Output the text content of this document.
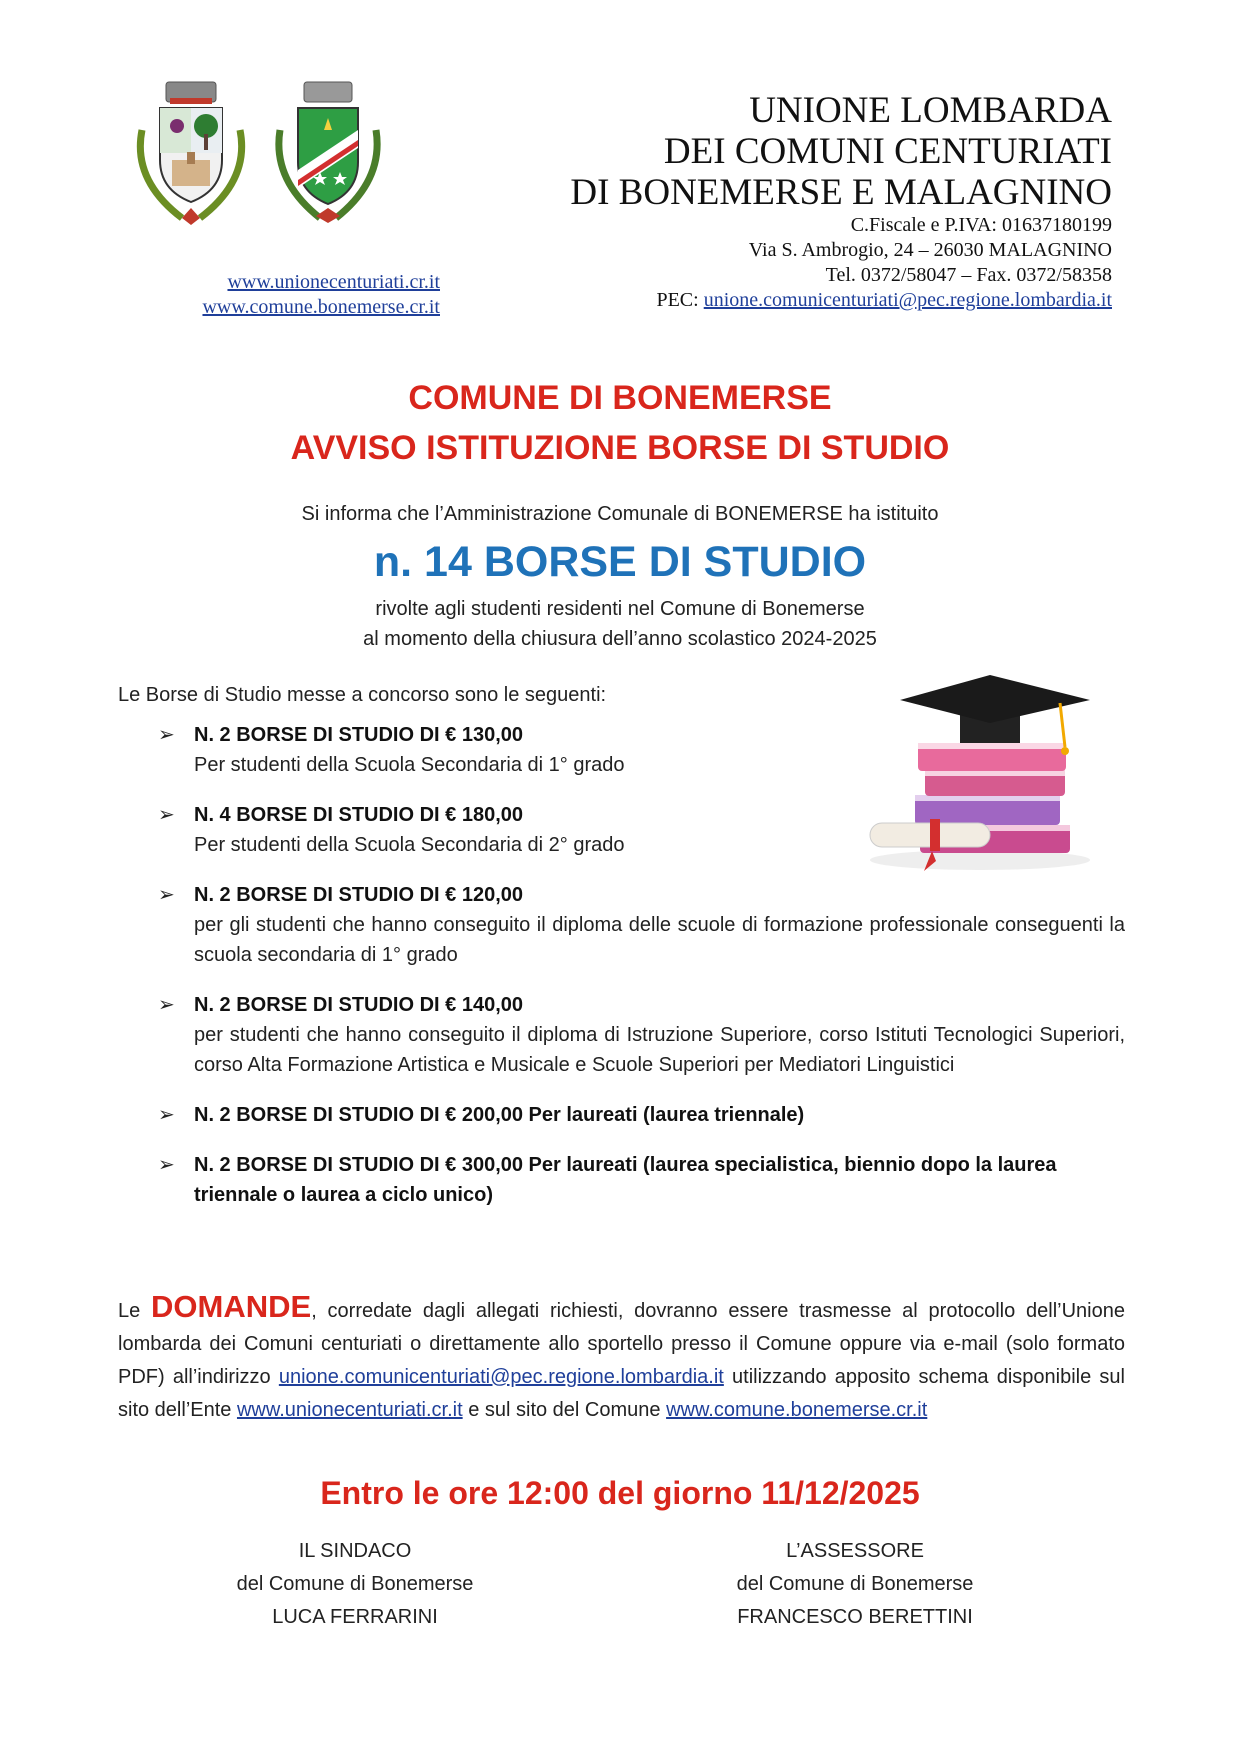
www.unionecenturiati.cr.it
www.comune.bonemerse.cr.it
UNIONE LOMBARDA
DEI COMUNI CENTURIATI
DI BONEMERSE E MALAGNINO
C.Fiscale e P.IVA: 01637180199
Via S. Ambrogio, 24 – 26030 MALAGNINO
Tel. 0372/58047 – Fax. 0372/58358
PEC: unione.comunicenturiati@pec.regione.lombardia.it
COMUNE DI BONEMERSE
AVVISO ISTITUZIONE BORSE DI STUDIO
Si informa che l’Amministrazione Comunale di BONEMERSE ha istituito
n. 14 BORSE DI STUDIO
rivolte agli studenti residenti nel Comune di Bonemerse
al momento della chiusura dell’anno scolastico 2024-2025
Le Borse di Studio messe a concorso sono le seguenti:
➢ N. 2 BORSE DI STUDIO DI € 130,00
Per studenti della Scuola Secondaria di 1° grado
➢ N. 4 BORSE DI STUDIO DI € 180,00
Per studenti della Scuola Secondaria di 2° grado
➢ N. 2 BORSE DI STUDIO DI € 120,00
per gli studenti che hanno conseguito il diploma delle scuole di formazione professionale conseguenti la scuola secondaria di 1° grado
➢ N. 2 BORSE DI STUDIO DI € 140,00
per studenti che hanno conseguito il diploma di Istruzione Superiore, corso Istituti Tecnologici Superiori, corso Alta Formazione Artistica e Musicale e Scuole Superiori per Mediatori Linguistici
➢ N. 2 BORSE DI STUDIO DI € 200,00 Per laureati (laurea triennale)
➢ N. 2 BORSE DI STUDIO DI € 300,00 Per laureati (laurea specialistica, biennio dopo la laurea triennale o laurea a ciclo unico)
Le DOMANDE, corredate dagli allegati richiesti, dovranno essere trasmesse al protocollo dell’Unione lombarda dei Comuni centuriati o direttamente allo sportello presso il Comune oppure via e-mail (solo formato PDF) all’indirizzo unione.comunicenturiati@pec.regione.lombardia.it utilizzando apposito schema disponibile sul sito dell’Ente www.unionecenturiati.cr.it e sul sito del Comune www.comune.bonemerse.cr.it
Entro le ore 12:00 del giorno 11/12/2025
IL SINDACO
del Comune di Bonemerse
LUCA FERRARINI
L’ASSESSORE
del Comune di Bonemerse
FRANCESCO BERETTINI
